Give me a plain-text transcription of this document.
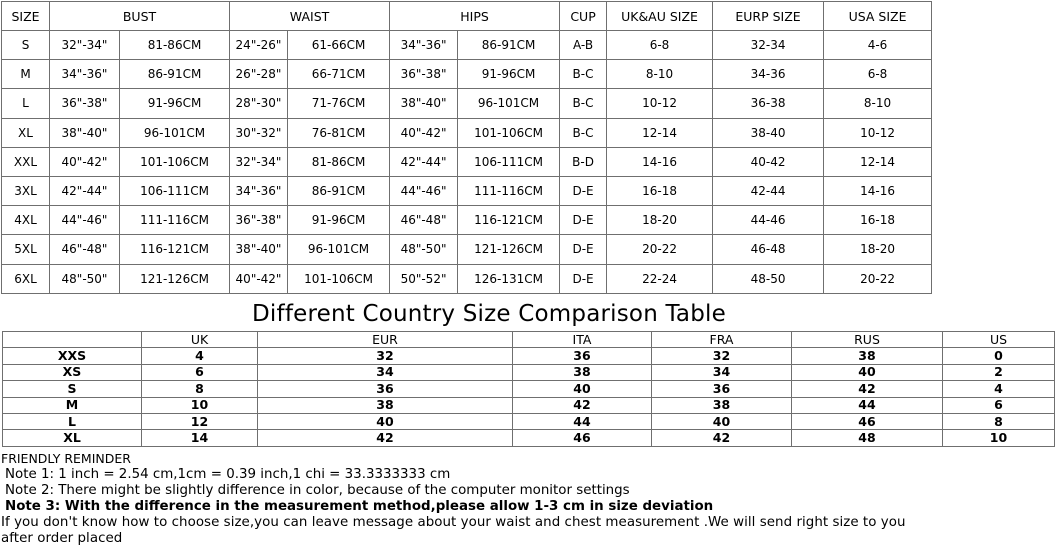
SIZE	BUST		WAIST		HIPS		CUP	UK&AU SIZE	EURP SIZE	USA SIZE
S	32"-34"	81-86CM	24"-26"	61-66CM	34"-36"	86-91CM	A-B	6-8	32-34	4-6
M	34"-36"	86-91CM	26"-28"	66-71CM	36"-38"	91-96CM	B-C	8-10	34-36	6-8
L	36"-38"	91-96CM	28"-30"	71-76CM	38"-40"	96-101CM	B-C	10-12	36-38	8-10
XL	38"-40"	96-101CM	30"-32"	76-81CM	40"-42"	101-106CM	B-C	12-14	38-40	10-12
XXL	40"-42"	101-106CM	32"-34"	81-86CM	42"-44"	106-111CM	B-D	14-16	40-42	12-14
3XL	42"-44"	106-111CM	34"-36"	86-91CM	44"-46"	111-116CM	D-E	16-18	42-44	14-16
4XL	44"-46"	111-116CM	36"-38"	91-96CM	46"-48"	116-121CM	D-E	18-20	44-46	16-18
5XL	46"-48"	116-121CM	38"-40"	96-101CM	48"-50"	121-126CM	D-E	20-22	46-48	18-20
6XL	48"-50"	121-126CM	40"-42"	101-106CM	50"-52"	126-131CM	D-E	22-24	48-50	20-22
Different Country Size Comparison Table
	UK	EUR	ITA	FRA	RUS	US
XXS	4	32	36	32	38	0
XS	6	34	38	34	40	2
S	8	36	40	36	42	4
M	10	38	42	38	44	6
L	12	40	44	40	46	8
XL	14	42	46	42	48	10
FRIENDLY REMINDER
Note 1: 1 inch = 2.54 cm,1cm = 0.39 inch,1 chi = 33.3333333 cm
Note 2: There might be slightly difference in color, because of the computer monitor settings
Note 3: With the difference in the measurement method,please allow 1-3 cm in size deviation
If you don't know how to choose size,you can leave message about your waist and chest measurement .We will send right size to you after order placed
